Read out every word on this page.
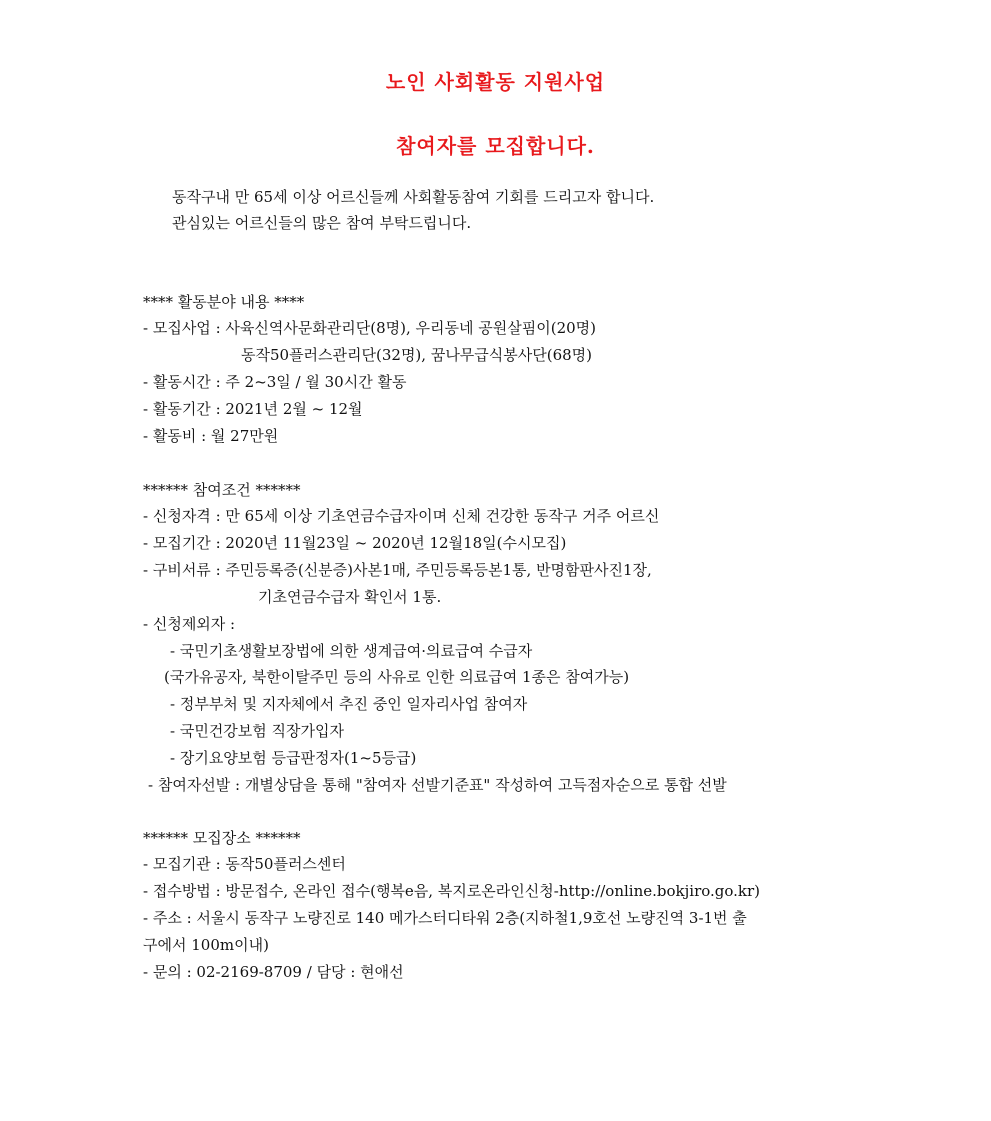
노인 사회활동 지원사업
참여자를 모집합니다.

동작구내 만 65세 이상 어르신들께 사회활동참여 기회를 드리고자 합니다.

관심있는 어르신들의 많은 참여 부탁드립니다.

**** 활동분야 내용 ****

- 모집사업 : 사육신역사문화관리단(8명), 우리동네 공원살핌이(20명)

동작50플러스관리단(32명), 꿈나무급식봉사단(68명)

- 활동시간 : 주 2~3일 / 월 30시간 활동

- 활동기간 : 2021년 2월 ~ 12월

- 활동비 : 월 27만원

****** 참여조건 ******

- 신청자격 : 만 65세 이상 기초연금수급자이며 신체 건강한 동작구 거주 어르신

- 모집기간 : 2020년 11월23일 ~ 2020년 12월18일(수시모집)

- 구비서류 : 주민등록증(신분증)사본1매, 주민등록등본1통, 반명함판사진1장,

기초연금수급자 확인서 1통.

- 신청제외자 :

- 국민기초생활보장법에 의한 생계급여·의료급여 수급자

(국가유공자, 북한이탈주민 등의 사유로 인한 의료급여 1종은 참여가능)

- 정부부처 및 지자체에서 추진 중인 일자리사업 참여자

- 국민건강보험 직장가입자

- 장기요양보험 등급판정자(1~5등급)

- 참여자선발 : 개별상담을 통해 "참여자 선발기준표" 작성하여 고득점자순으로 통합 선발

****** 모집장소 ******

- 모집기관 : 동작50플러스센터

- 접수방법 : 방문접수, 온라인 접수(행복e음, 복지로온라인신청-http://online.bokjiro.go.kr)

- 주소 : 서울시 동작구 노량진로 140 메가스터디타워 2층(지하철1,9호선 노량진역 3-1번 출

구에서 100m이내)

- 문의 : 02-2169-8709 / 담당 : 현애선
